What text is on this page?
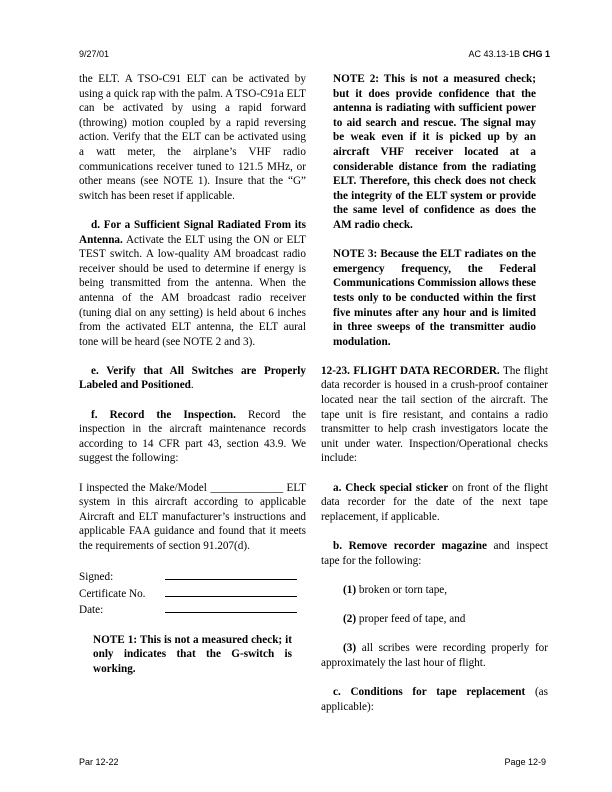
9/27/01	AC 43.13-1B CHG 1

the ELT. A TSO-C91 ELT can be activated by using a quick rap with the palm. A TSO-C91a ELT can be activated by using a rapid forward (throwing) motion coupled by a rapid reversing action. Verify that the ELT can be activated using a watt meter, the airplane’s VHF radio communications receiver tuned to 121.5 MHz, or other means (see NOTE 1). Insure that the “G” switch has been reset if applicable.

d. For a Sufficient Signal Radiated From its Antenna. Activate the ELT using the ON or ELT TEST switch. A low-quality AM broadcast radio receiver should be used to determine if energy is being transmitted from the antenna. When the antenna of the AM broadcast radio receiver (tuning dial on any setting) is held about 6 inches from the activated ELT antenna, the ELT aural tone will be heard (see NOTE 2 and 3).

e. Verify that All Switches are Properly Labeled and Positioned.

f. Record the Inspection. Record the inspection in the aircraft maintenance records according to 14 CFR part 43, section 43.9. We suggest the following:

I inspected the Make/Model _____________ ELT system in this aircraft according to applicable Aircraft and ELT manufacturer’s instructions and applicable FAA guidance and found that it meets the requirements of section 91.207(d).

Signed:
Certificate No.
Date:

NOTE 1: This is not a measured check; it only indicates that the G-switch is working.

NOTE 2: This is not a measured check; but it does provide confidence that the antenna is radiating with sufficient power to aid search and rescue. The signal may be weak even if it is picked up by an aircraft VHF receiver located at a considerable distance from the radiating ELT. Therefore, this check does not check the integrity of the ELT system or provide the same level of confidence as does the AM radio check.

NOTE 3: Because the ELT radiates on the emergency frequency, the Federal Communications Commission allows these tests only to be conducted within the first five minutes after any hour and is limited in three sweeps of the transmitter audio modulation.

12-23. FLIGHT DATA RECORDER. The flight data recorder is housed in a crush-proof container located near the tail section of the aircraft. The tape unit is fire resistant, and contains a radio transmitter to help crash investigators locate the unit under water. Inspection/Operational checks include:

a. Check special sticker on front of the flight data recorder for the date of the next tape replacement, if applicable.

b. Remove recorder magazine and inspect tape for the following:

(1) broken or torn tape,

(2) proper feed of tape, and

(3) all scribes were recording properly for approximately the last hour of flight.

c. Conditions for tape replacement (as applicable):

Par 12-22	Page 12-9
